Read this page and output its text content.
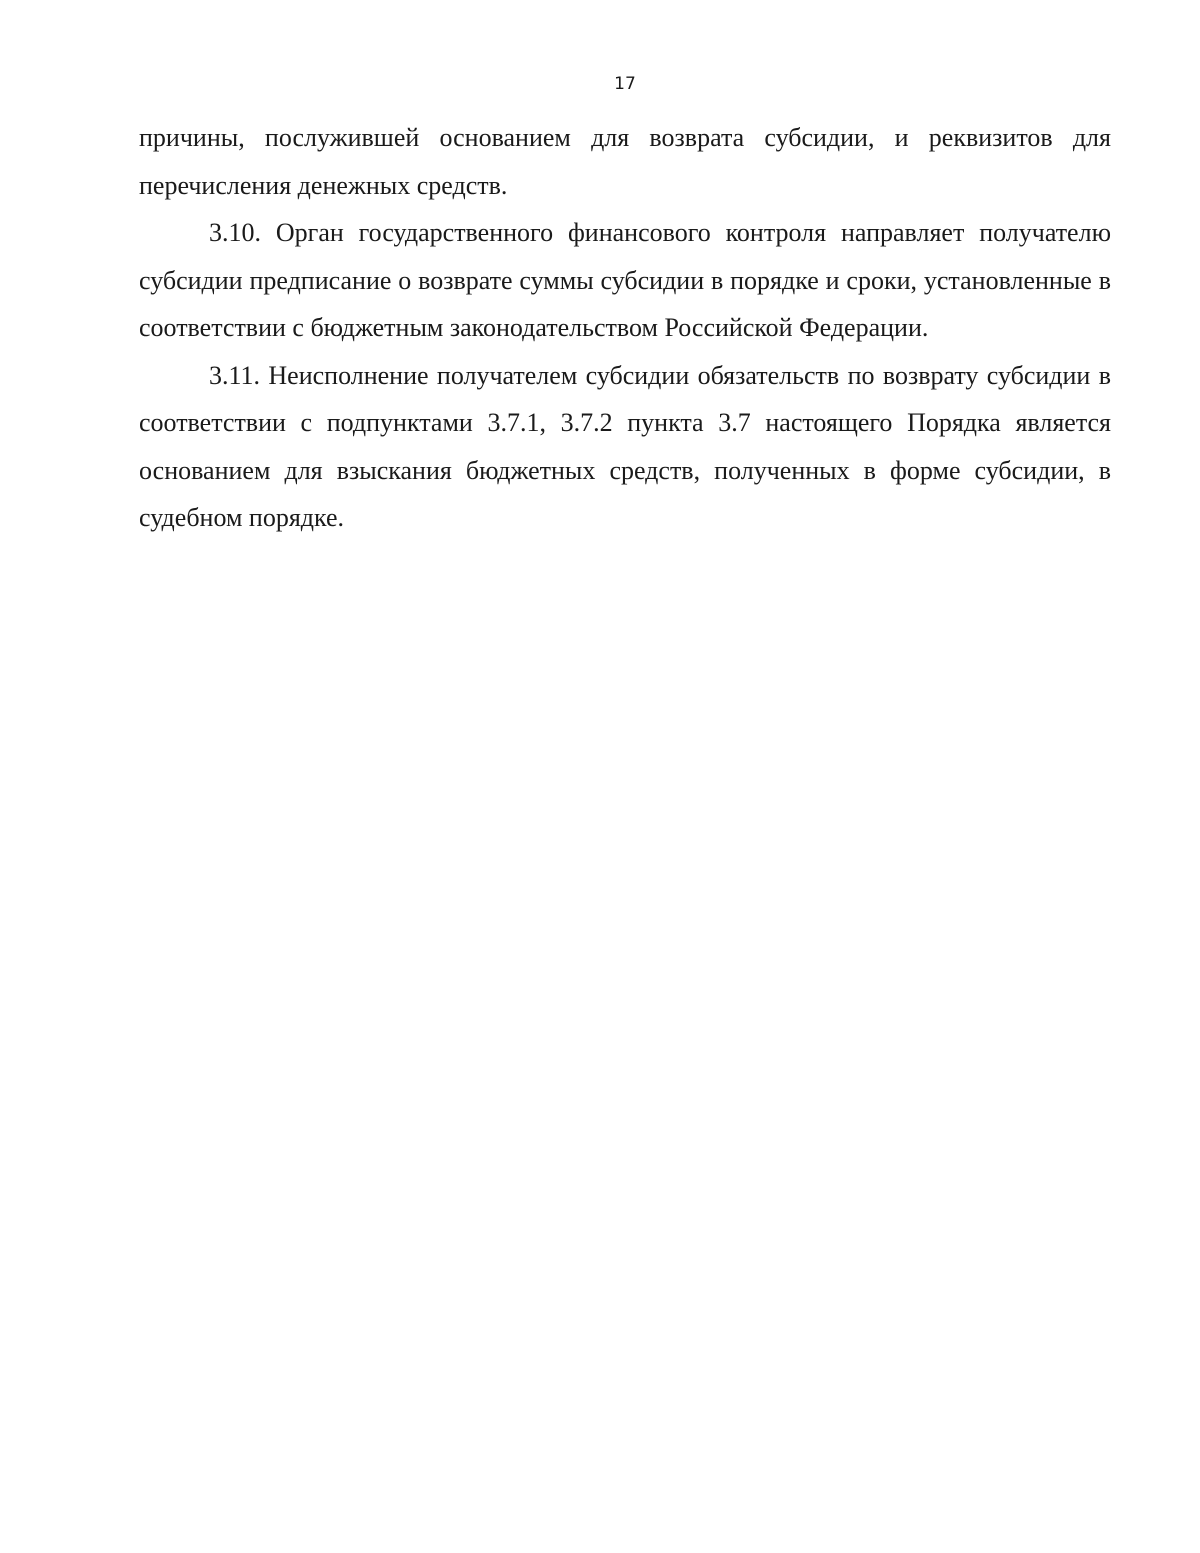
17

причины, послужившей основанием для возврата субсидии, и реквизитов для перечисления денежных средств.

3.10. Орган государственного финансового контроля направляет получателю субсидии предписание о возврате суммы субсидии в порядке и сроки, установленные в соответствии с бюджетным законодательством Российской Федерации.

3.11. Неисполнение получателем субсидии обязательств по возврату субсидии в соответствии с подпунктами 3.7.1, 3.7.2 пункта 3.7 настоящего Порядка является основанием для взыскания бюджетных средств, полученных в форме субсидии, в судебном порядке.
